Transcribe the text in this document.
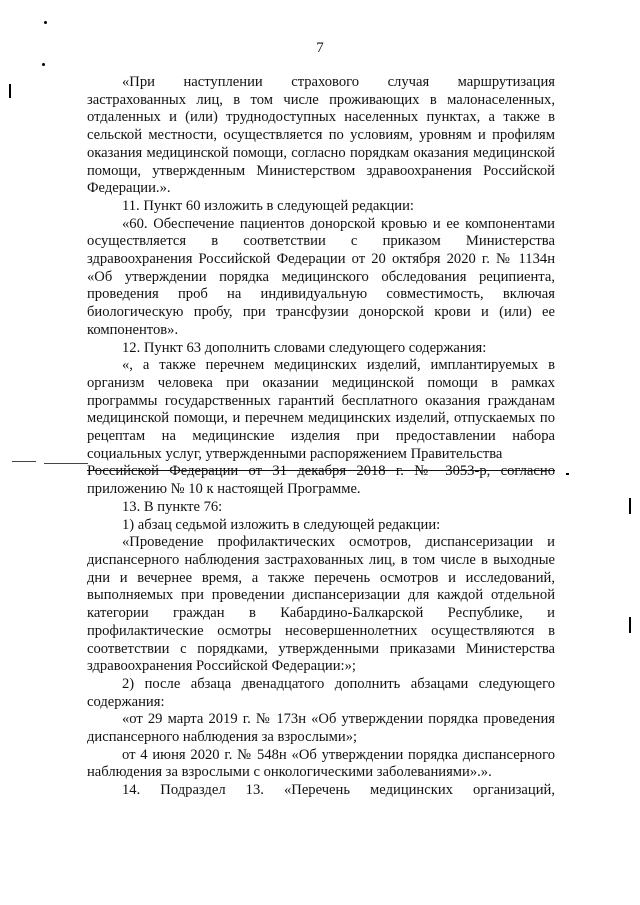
7

«При наступлении страхового случая маршрутизация застрахованных лиц, в том числе проживающих в малонаселенных, отдаленных и (или) труднодоступных населенных пунктах, а также в сельской местности, осуществляется по условиям, уровням и профилям оказания медицинской помощи, согласно порядкам оказания медицинской помощи, утвержденным Министерством здравоохранения Российской Федерации.».

11. Пункт 60 изложить в следующей редакции:

«60. Обеспечение пациентов донорской кровью и ее компонентами осуществляется в соответствии с приказом Министерства здравоохранения Российской Федерации от 20 октября 2020 г. № 1134н «Об утверждении порядка медицинского обследования реципиента, проведения проб на индивидуальную совместимость, включая биологическую пробу, при трансфузии донорской крови и (или) ее компонентов».

12. Пункт 63 дополнить словами следующего содержания:

«, а также перечнем медицинских изделий, имплантируемых в организм человека при оказании медицинской помощи в рамках программы государственных гарантий бесплатного оказания гражданам медицинской помощи, и перечнем медицинских изделий, отпускаемых по рецептам на медицинские изделия при предоставлении набора социальных услуг, утвержденными распоряжением Правительства

Российской Федерации от 31 декабря 2018 г. № 3053-р, согласно

приложению № 10 к настоящей Программе.

13. В пункте 76:

1) абзац седьмой изложить в следующей редакции:

«Проведение профилактических осмотров, диспансеризации и диспансерного наблюдения застрахованных лиц, в том числе в выходные дни и вечернее время, а также перечень осмотров и исследований, выполняемых при проведении диспансеризации для каждой отдельной категории граждан в Кабардино-Балкарской Республике, и профилактические осмотры несовершеннолетних осуществляются в соответствии с порядками, утвержденными приказами Министерства здравоохранения Российской Федерации:»;

2) после абзаца двенадцатого дополнить абзацами следующего содержания:

«от 29 марта 2019 г. № 173н «Об утверждении порядка проведения диспансерного наблюдения за взрослыми»;

от 4 июня 2020 г. № 548н «Об утверждении порядка диспансерного наблюдения за взрослыми с онкологическими заболеваниями».».

14. Подраздел 13. «Перечень медицинских организаций,
